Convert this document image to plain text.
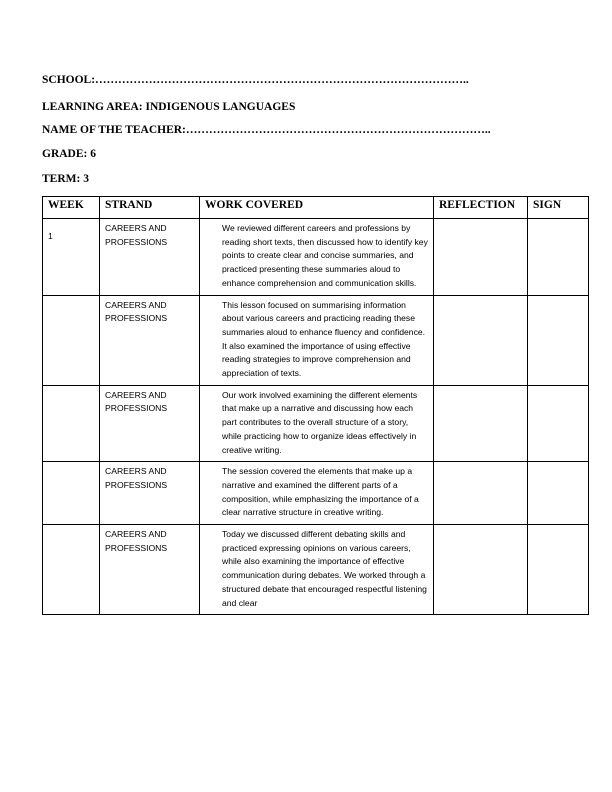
SCHOOL:……………………………………………………………………………………..
LEARNING AREA: INDIGENOUS LANGUAGES
NAME OF THE TEACHER:……………………………………………………………………..
GRADE: 6
TERM: 3
WEEK	STRAND	WORK COVERED	REFLECTION	SIGN
1	CAREERS AND PROFESSIONS	We reviewed different careers and professions by reading short texts, then discussed how to identify key points to create clear and concise summaries, and practiced presenting these summaries aloud to enhance comprehension and communication skills.		
	CAREERS AND PROFESSIONS	This lesson focused on summarising information about various careers and practicing reading these summaries aloud to enhance fluency and confidence. It also examined the importance of using effective reading strategies to improve comprehension and appreciation of texts.		
	CAREERS AND PROFESSIONS	Our work involved examining the different elements that make up a narrative and discussing how each part contributes to the overall structure of a story, while practicing how to organize ideas effectively in creative writing.		
	CAREERS AND PROFESSIONS	The session covered the elements that make up a narrative and examined the different parts of a composition, while emphasizing the importance of a clear narrative structure in creative writing.		
	CAREERS AND PROFESSIONS	Today we discussed different debating skills and practiced expressing opinions on various careers, while also examining the importance of effective communication during debates. We worked through a structured debate that encouraged respectful listening and clear		
